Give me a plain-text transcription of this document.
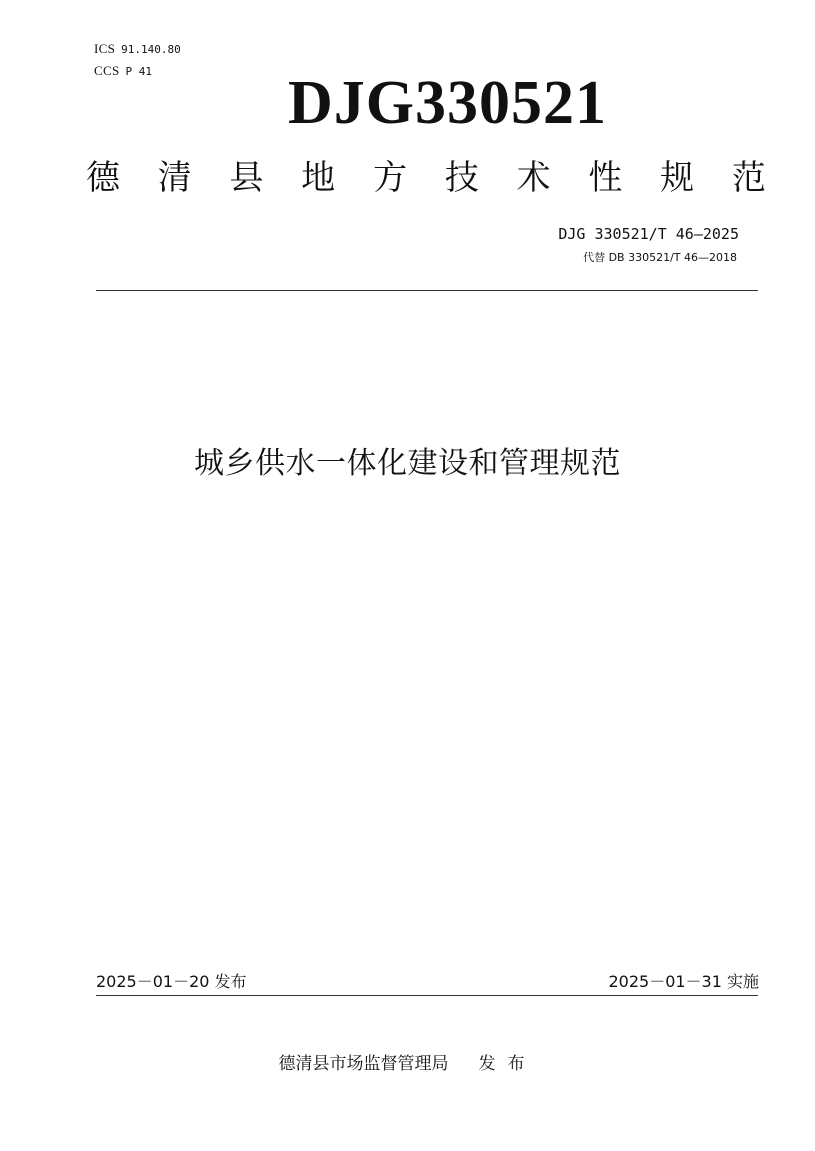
ICS 91.140.80
CCS P 41	DJG330521
德 清 县 地 方 技 术 性 规 范
DJG 330521/T 46—2025
代替 DB 330521/T 46—2018
城乡供水一体化建设和管理规范
2025－01－20 发布	2025－01－31 实施
德清县市场监督管理局 发布
